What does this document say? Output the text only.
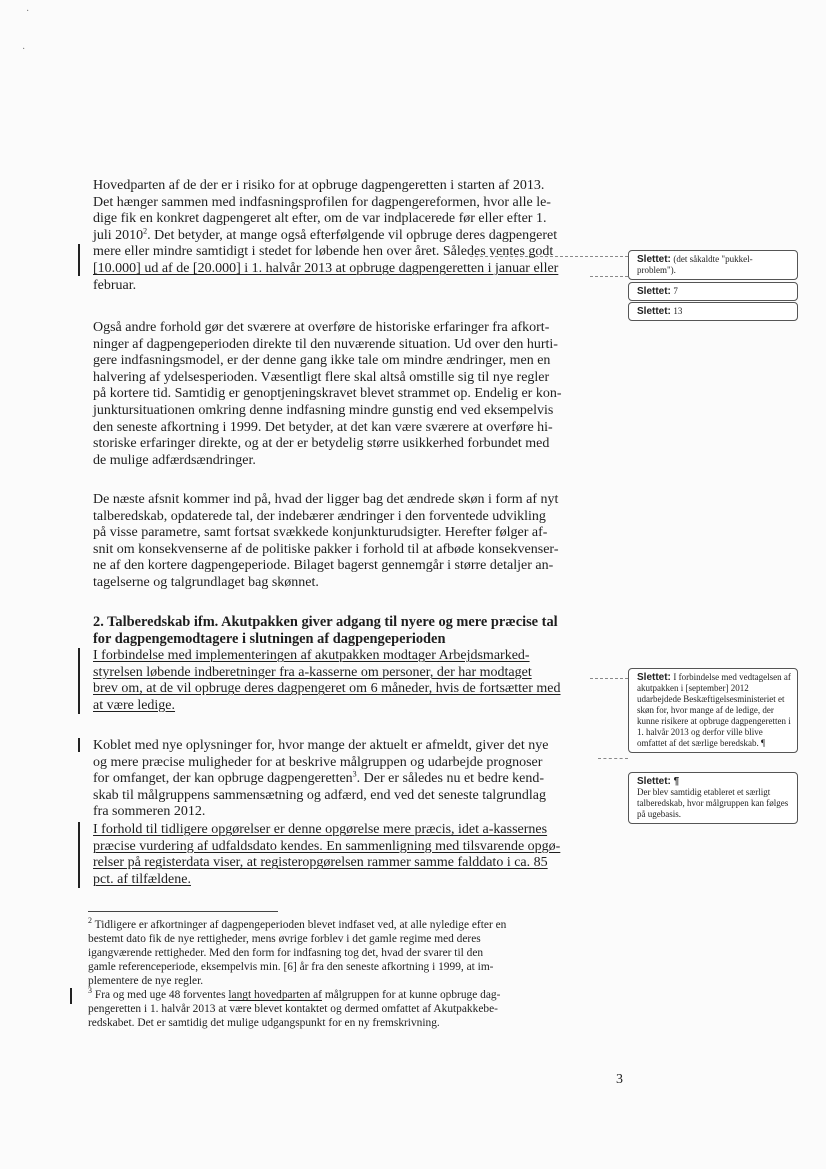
·
·
Hovedparten af de der er i risiko for at opbruge dagpengeretten i starten af 2013.
Det hænger sammen med indfasningsprofilen for dagpengereformen, hvor alle le-
dige fik en konkret dagpengeret alt efter, om de var indplacerede før eller efter 1.
juli 2010$^2$. Det betyder, at mange også efterfølgende vil opbruge deres dagpengeret
mere eller mindre samtidigt i stedet for løbende hen over året. Således ventes godt
[10.000] ud af de [20.000] i 1. halvår 2013 at opbruge dagpengeretten i januar eller
februar.
Også andre forhold gør det sværere at overføre de historiske erfaringer fra afkort-
ninger af dagpengeperioden direkte til den nuværende situation. Ud over den hurti-
gere indfasningsmodel, er der denne gang ikke tale om mindre ændringer, men en
halvering af ydelsesperioden. Væsentligt flere skal altså omstille sig til nye regler
på kortere tid. Samtidig er genoptjeningskravet blevet strammet op. Endelig er kon-
junktursituationen omkring denne indfasning mindre gunstig end ved eksempelvis
den seneste afkortning i 1999. Det betyder, at det kan være sværere at overføre hi-
storiske erfaringer direkte, og at der er betydelig større usikkerhed forbundet med
de mulige adfærdsændringer.
De næste afsnit kommer ind på, hvad der ligger bag det ændrede skøn i form af nyt
talberedskab, opdaterede tal, der indebærer ændringer i den forventede udvikling
på visse parametre, samt fortsat svækkede konjunkturudsigter. Herefter følger af-
snit om konsekvenserne af de politiske pakker i forhold til at afbøde konsekvenser-
ne af den kortere dagpengeperiode. Bilaget bagerst gennemgår i større detaljer an-
tagelserne og talgrundlaget bag skønnet.
2. Talberedskab ifm. Akutpakken giver adgang til nyere og mere præcise tal
for dagpengemodtagere i slutningen af dagpengeperioden
I forbindelse med implementeringen af akutpakken modtager Arbejdsmarked-
styrelsen løbende indberetninger fra a-kasserne om personer, der har modtaget
brev om, at de vil opbruge deres dagpengeret om 6 måneder, hvis de fortsætter med
at være ledige.
Koblet med nye oplysninger for, hvor mange der aktuelt er afmeldt, giver det nye
og mere præcise muligheder for at beskrive målgruppen og udarbejde prognoser
for omfanget, der kan opbruge dagpengeretten$^3$. Der er således nu et bedre kend-
skab til målgruppens sammensætning og adfærd, end ved det seneste talgrundlag
fra sommeren 2012.
I forhold til tidligere opgørelser er denne opgørelse mere præcis, idet a-kassernes
præcise vurdering af udfaldsdato kendes. En sammenligning med tilsvarende opgø-
relser på registerdata viser, at registeropgørelsen rammer samme falddato i ca. 85
pct. af tilfældene.
$^2$ Tidligere er afkortninger af dagpengeperioden blevet indfaset ved, at alle nyledige efter en
bestemt dato fik de nye rettigheder, mens øvrige forblev i det gamle regime med deres
igangværende rettigheder. Med den form for indfasning tog det, hvad der svarer til den
gamle referenceperiode, eksempelvis min. [6] år fra den seneste afkortning i 1999, at im-
plementere de nye regler.
$^3$ Fra og med uge 48 forventes langt hovedparten af målgruppen for at kunne opbruge dag-
pengeretten i 1. halvår 2013 at være blevet kontaktet og dermed omfattet af Akutpakkebe-
redskabet. Det er samtidig det mulige udgangspunkt for en ny fremskrivning.
Slettet: (det såkaldte "pukkel-problem").
Slettet: 7
Slettet: 13
Slettet: I forbindelse med vedtagelsen af akutpakken i [september] 2012 udarbejdede Beskæftigelsesministeriet et skøn for, hvor mange af de ledige, der kunne risikere at opbruge dagpengeretten i 1. halvår 2013 og derfor ville blive omfattet af det særlige beredskab. ¶
Slettet: ¶
Der blev samtidig etableret et særligt talberedskab, hvor målgruppen kan følges på ugebasis.
3
